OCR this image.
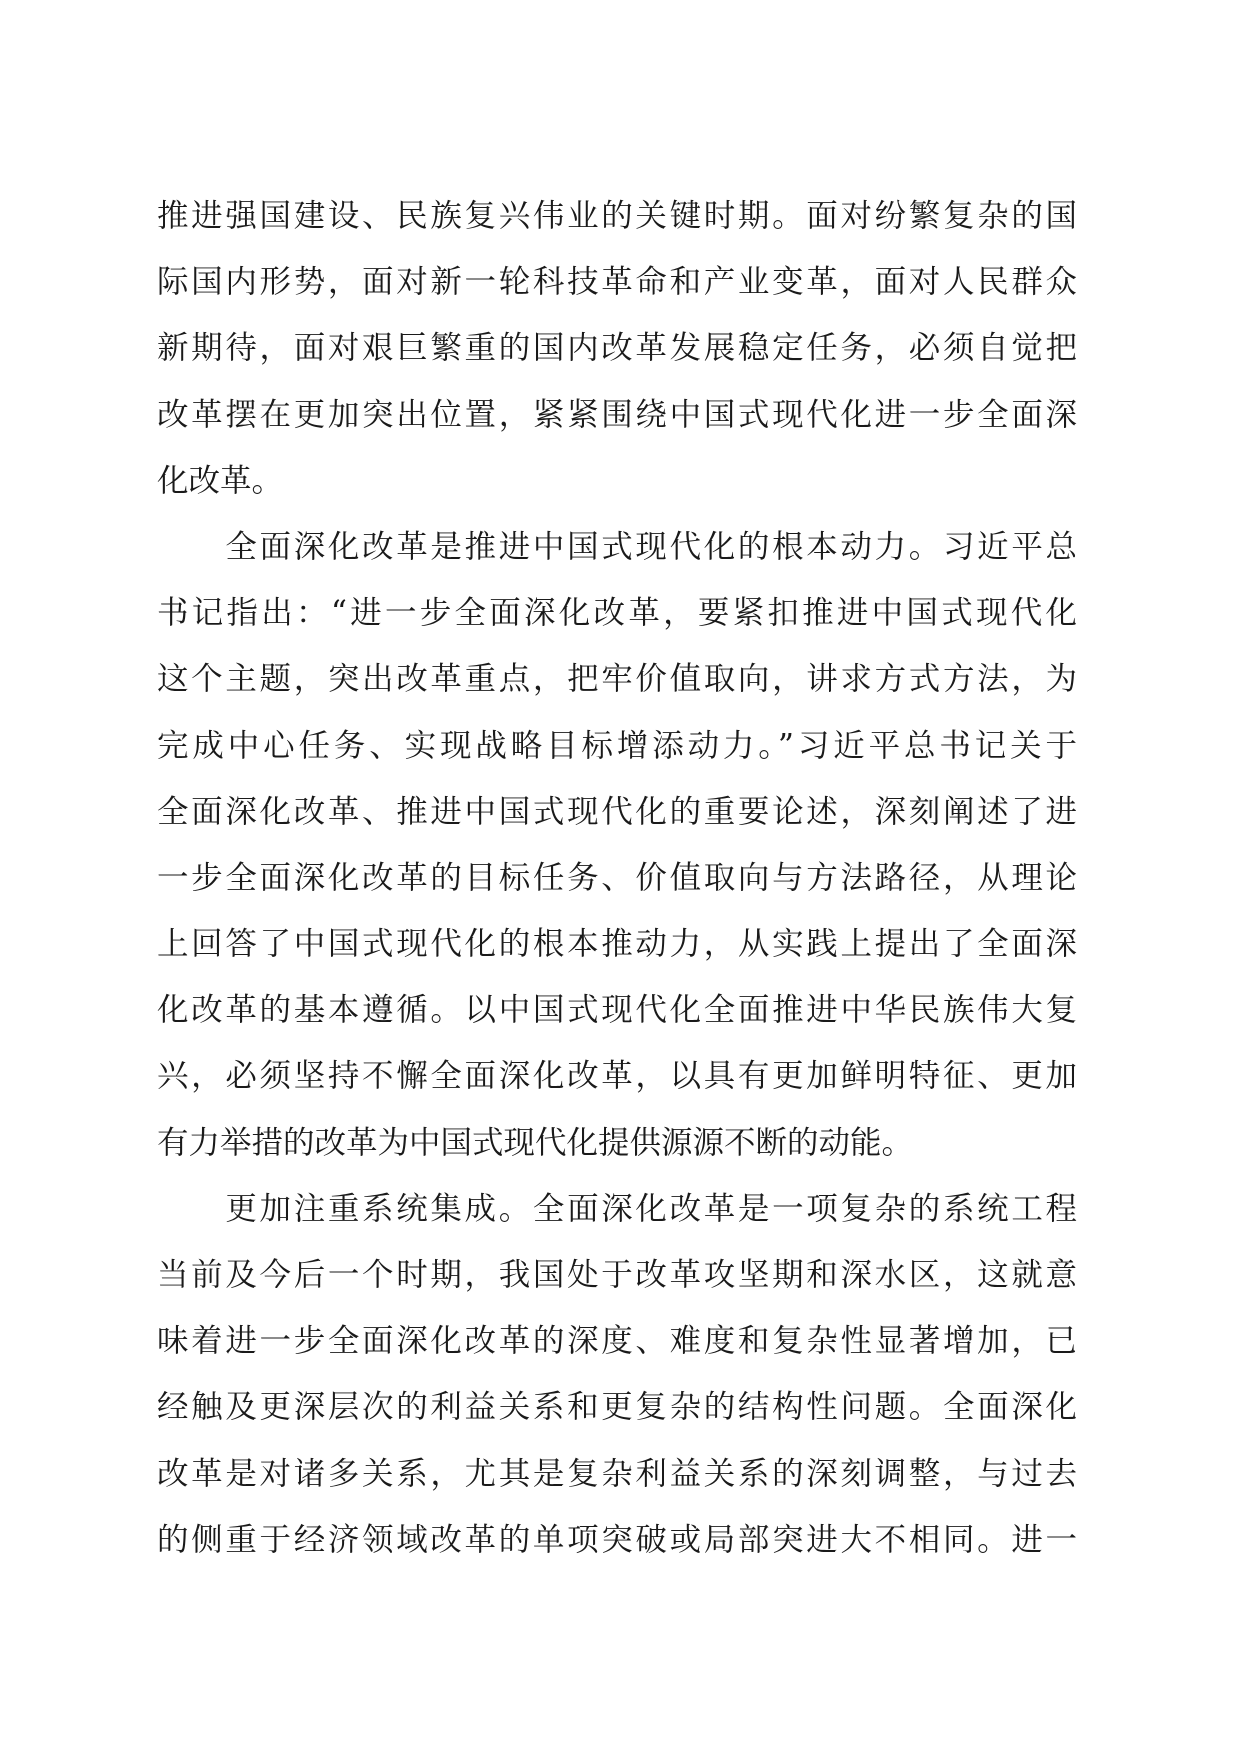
推进强国建设、民族复兴伟业的关键时期。面对纷繁复杂的国
际国内形势，面对新一轮科技革命和产业变革，面对人民群众
新期待，面对艰巨繁重的国内改革发展稳定任务，必须自觉把
改革摆在更加突出位置，紧紧围绕中国式现代化进一步全面深
化改革。
　　全面深化改革是推进中国式现代化的根本动力。习近平总
书记指出：“进一步全面深化改革，要紧扣推进中国式现代化
这个主题，突出改革重点，把牢价值取向，讲求方式方法，为
完成中心任务、实现战略目标增添动力。”习近平总书记关于
全面深化改革、推进中国式现代化的重要论述，深刻阐述了进
一步全面深化改革的目标任务、价值取向与方法路径，从理论
上回答了中国式现代化的根本推动力，从实践上提出了全面深
化改革的基本遵循。以中国式现代化全面推进中华民族伟大复
兴，必须坚持不懈全面深化改革，以具有更加鲜明特征、更加
有力举措的改革为中国式现代化提供源源不断的动能。
　　更加注重系统集成。全面深化改革是一项复杂的系统工程
当前及今后一个时期，我国处于改革攻坚期和深水区，这就意
味着进一步全面深化改革的深度、难度和复杂性显著增加，已
经触及更深层次的利益关系和更复杂的结构性问题。全面深化
改革是对诸多关系，尤其是复杂利益关系的深刻调整，与过去
的侧重于经济领域改革的单项突破或局部突进大不相同。进一
